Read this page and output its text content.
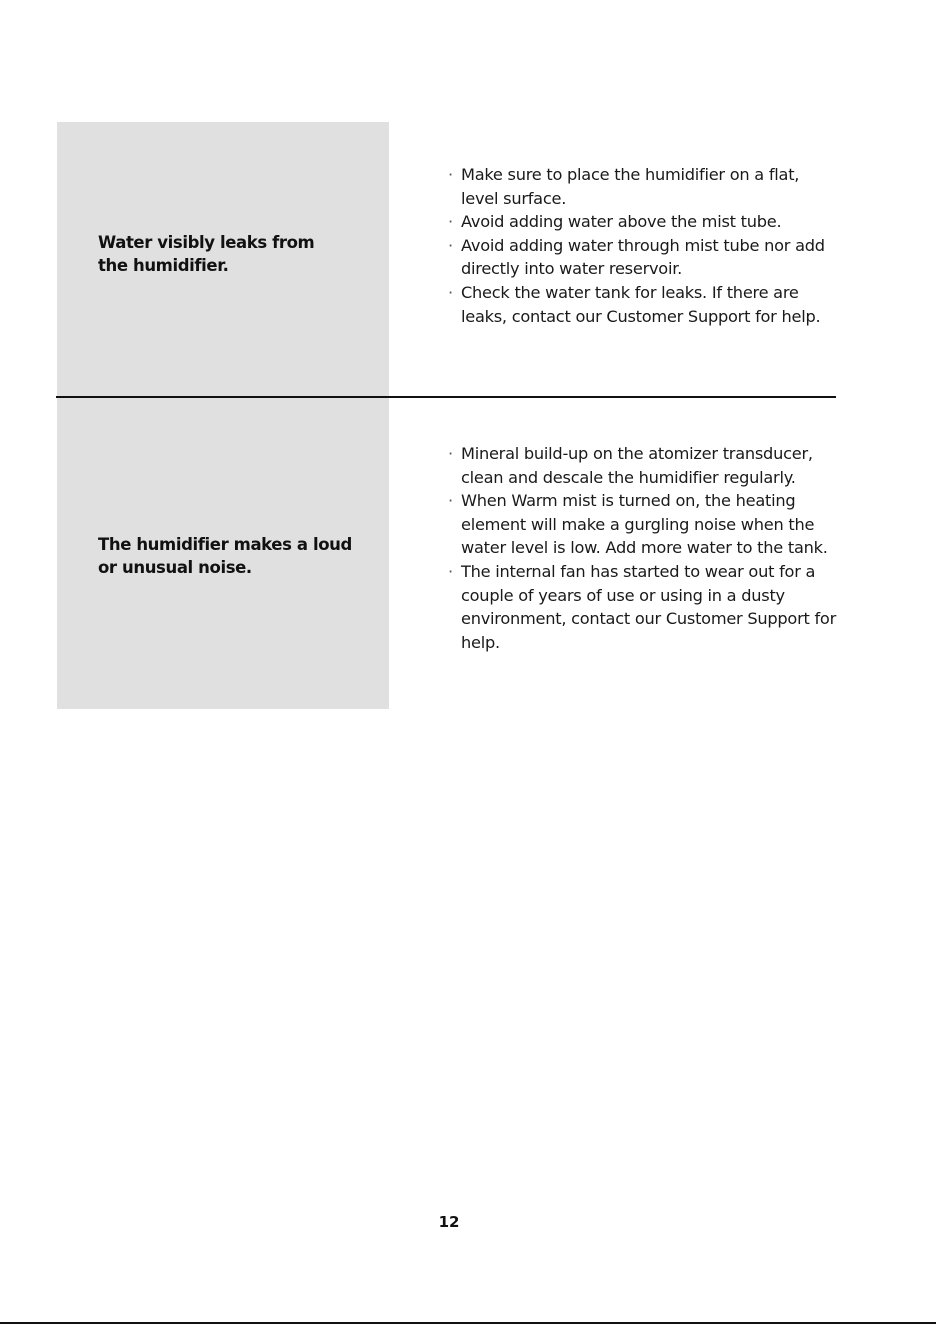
Water visibly leaks from
the humidifier.
The humidifier makes a loud
or unusual noise.
· Make sure to place the humidifier on a flat, level surface.
· Avoid adding water above the mist tube.
· Avoid adding water through mist tube nor add directly into water reservoir.
· Check the water tank for leaks. If there are leaks, contact our Customer Support for help.
· Mineral build-up on the atomizer transducer, clean and descale the humidifier regularly.
· When Warm mist is turned on, the heating element will make a gurgling noise when the water level is low. Add more water to the tank.
· The internal fan has started to wear out for a couple of years of use or using in a dusty environment, contact our Customer Support for help.
12
